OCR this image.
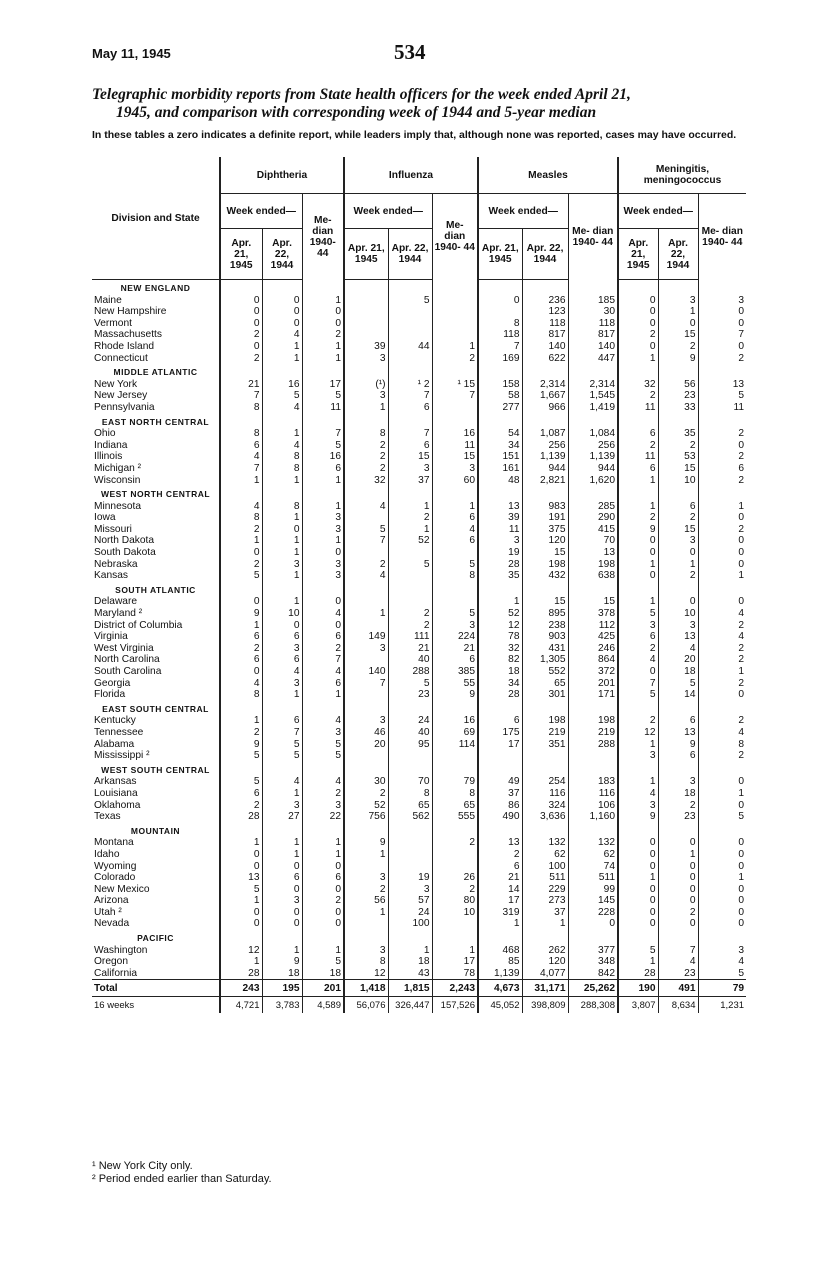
May 11, 1945	534
Telegraphic morbidity reports from State health officers for the week ended April 21,
1945, and comparison with corresponding week of 1944 and 5-year median
In these tables a zero indicates a definite report, while leaders imply that, although none was reported, cases may have occurred.
Division and State	Diphtheria			Influenza			Measles			Meningitis, meningococcus		
	Week ended—		Me- dian 1940- 44	Week ended—		Me- dian 1940- 44	Week ended—		Me- dian 1940- 44	Week ended—		Me- dian 1940- 44
	Apr. 21, 1945	Apr. 22, 1944		Apr. 21, 1945	Apr. 22, 1944		Apr. 21, 1945	Apr. 22, 1944		Apr. 21, 1945	Apr. 22, 1944	
NEW ENGLAND												
Maine	0	0	1		5		0	236	185	0	3	3
New Hampshire	0	0	0					123	30	0	1	0
Vermont	0	0	0				8	118	118	0	0	0
Massachusetts	2	4	2				118	817	817	2	15	7
Rhode Island	0	1	1	39	44	1	7	140	140	0	2	0
Connecticut	2	1	1	3		2	169	622	447	1	9	2
MIDDLE ATLANTIC												
New York	21	16	17	(¹)	¹ 2	¹ 15	158	2,314	2,314	32	56	13
New Jersey	7	5	5	3	7	7	58	1,667	1,545	2	23	5
Pennsylvania	8	4	11	1	6		277	966	1,419	11	33	11
EAST NORTH CENTRAL												
Ohio	8	1	7	8	7	16	54	1,087	1,084	6	35	2
Indiana	6	4	5	2	6	11	34	256	256	2	2	0
Illinois	4	8	16	2	15	15	151	1,139	1,139	11	53	2
Michigan ²	7	8	6	2	3	3	161	944	944	6	15	6
Wisconsin	1	1	1	32	37	60	48	2,821	1,620	1	10	2
WEST NORTH CENTRAL												
Minnesota	4	8	1	4	1	1	13	983	285	1	6	1
Iowa	8	1	3		2	6	39	191	290	2	2	0
Missouri	2	0	3	5	1	4	11	375	415	9	15	2
North Dakota	1	1	1	7	52	6	3	120	70	0	3	0
South Dakota	0	1	0				19	15	13	0	0	0
Nebraska	2	3	3	2	5	5	28	198	198	1	1	0
Kansas	5	1	3	4		8	35	432	638	0	2	1
SOUTH ATLANTIC												
Delaware	0	1	0				1	15	15	1	0	0
Maryland ²	9	10	4	1	2	5	52	895	378	5	10	4
District of Columbia	1	0	0		2	3	12	238	112	3	3	2
Virginia	6	6	6	149	111	224	78	903	425	6	13	4
West Virginia	2	3	2	3	21	21	32	431	246	2	4	2
North Carolina	6	6	7		40	6	82	1,305	864	4	20	2
South Carolina	0	4	4	140	288	385	18	552	372	0	18	1
Georgia	4	3	6	7	5	55	34	65	201	7	5	2
Florida	8	1	1		23	9	28	301	171	5	14	0
EAST SOUTH CENTRAL												
Kentucky	1	6	4	3	24	16	6	198	198	2	6	2
Tennessee	2	7	3	46	40	69	175	219	219	12	13	4
Alabama	9	5	5	20	95	114	17	351	288	1	9	8
Mississippi ²	5	5	5							3	6	2
WEST SOUTH CENTRAL												
Arkansas	5	4	4	30	70	79	49	254	183	1	3	0
Louisiana	6	1	2	2	8	8	37	116	116	4	18	1
Oklahoma	2	3	3	52	65	65	86	324	106	3	2	0
Texas	28	27	22	756	562	555	490	3,636	1,160	9	23	5
MOUNTAIN												
Montana	1	1	1	9		2	13	132	132	0	0	0
Idaho	0	1	1	1			2	62	62	0	1	0
Wyoming	0	0	0				6	100	74	0	0	0
Colorado	13	6	6	3	19	26	21	511	511	1	0	1
New Mexico	5	0	0	2	3	2	14	229	99	0	0	0
Arizona	1	3	2	56	57	80	17	273	145	0	0	0
Utah ²	0	0	0	1	24	10	319	37	228	0	2	0
Nevada	0	0	0		100		1	1	0	0	0	0
PACIFIC												
Washington	12	1	1	3	1	1	468	262	377	5	7	3
Oregon	1	9	5	8	18	17	85	120	348	1	4	4
California	28	18	18	12	43	78	1,139	4,077	842	28	23	5
Total	243	195	201	1,418	1,815	2,243	4,673	31,171	25,262	190	491	79
16 weeks	4,721	3,783	4,589	56,076	326,447	157,526	45,052	398,809	288,308	3,807	8,634	1,231
¹ New York City only.
² Period ended earlier than Saturday.
